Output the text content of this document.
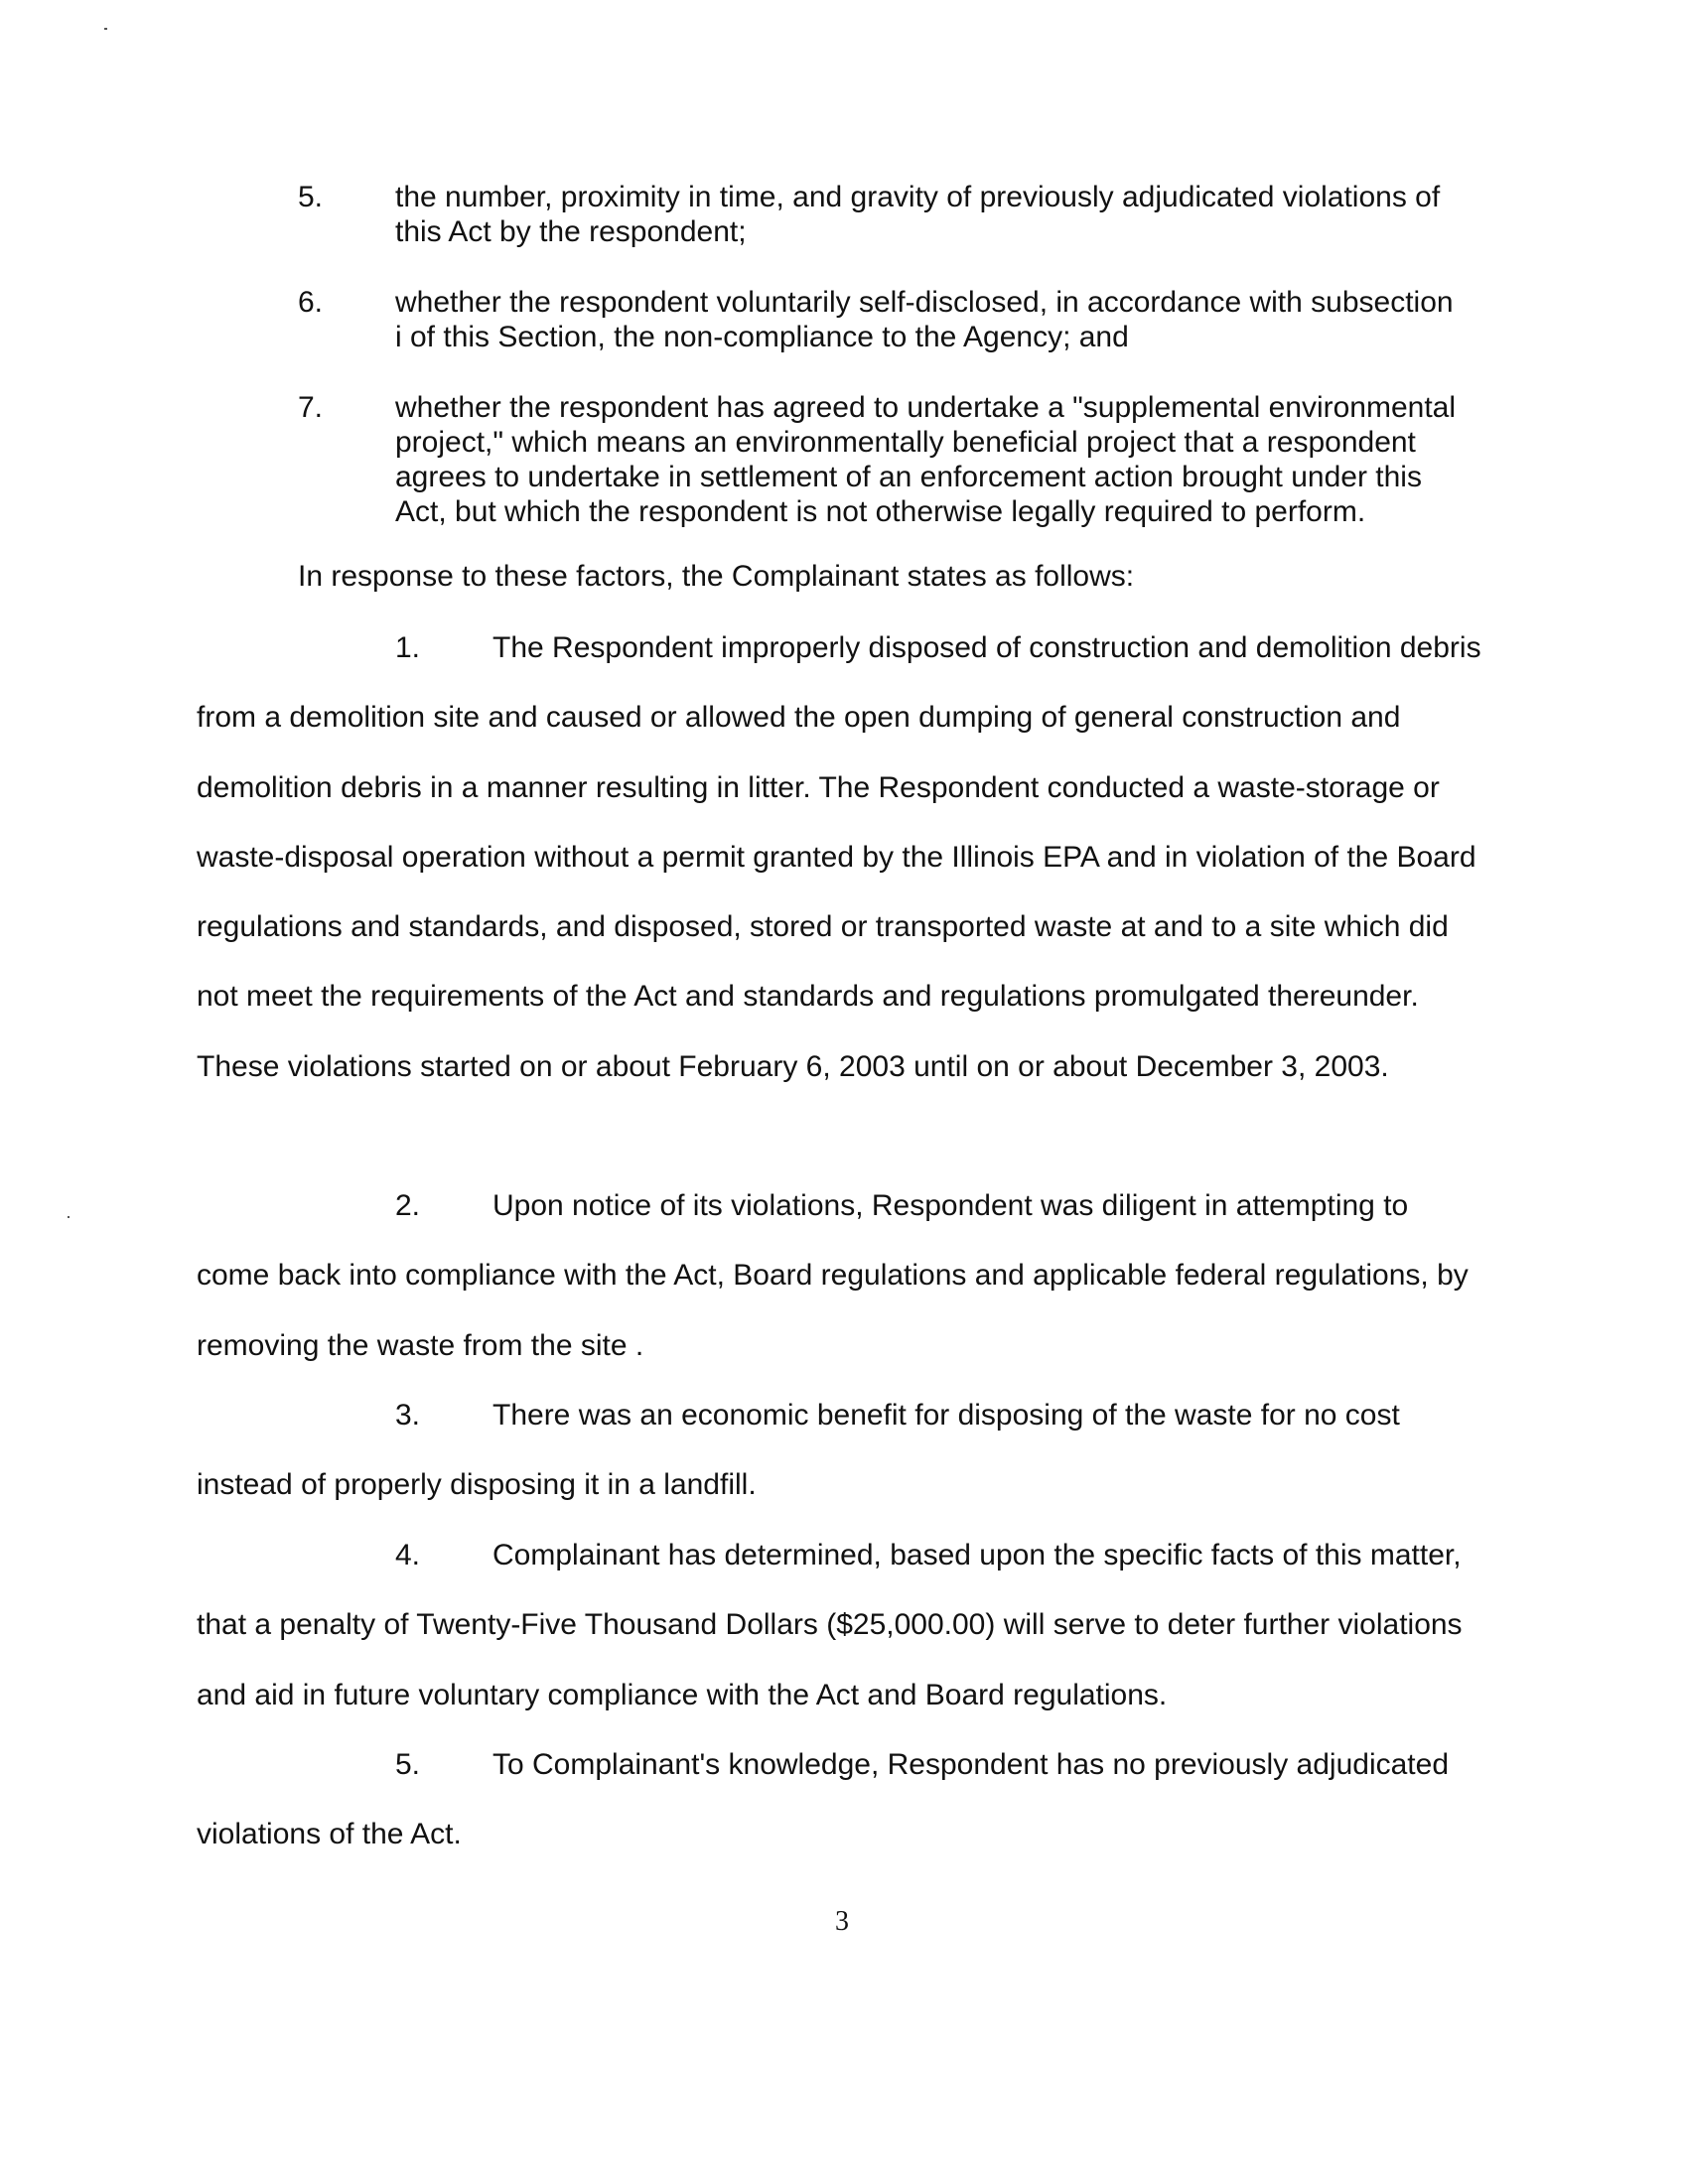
5. the number, proximity in time, and gravity of previously adjudicated violations of this Act by the respondent;
6. whether the respondent voluntarily self-disclosed, in accordance with subsection i of this Section, the non-compliance to the Agency; and
7. whether the respondent has agreed to undertake a "supplemental environmental project," which means an environmentally beneficial project that a respondent agrees to undertake in settlement of an enforcement action brought under this Act, but which the respondent is not otherwise legally required to perform.
In response to these factors, the Complainant states as follows:

1. The Respondent improperly disposed of construction and demolition debris from a demolition site and caused or allowed the open dumping of general construction and demolition debris in a manner resulting in litter. The Respondent conducted a waste-storage or waste-disposal operation without a permit granted by the Illinois EPA and in violation of the Board regulations and standards, and disposed, stored or transported waste at and to a site which did not meet the requirements of the Act and standards and regulations promulgated thereunder. These violations started on or about February 6, 2003 until on or about December 3, 2003.

2. Upon notice of its violations, Respondent was diligent in attempting to come back into compliance with the Act, Board regulations and applicable federal regulations, by removing the waste from the site .

3. There was an economic benefit for disposing of the waste for no cost instead of properly disposing it in a landfill.

4. Complainant has determined, based upon the specific facts of this matter, that a penalty of Twenty-Five Thousand Dollars ($25,000.00) will serve to deter further violations and aid in future voluntary compliance with the Act and Board regulations.

5. To Complainant's knowledge, Respondent has no previously adjudicated violations of the Act.

3
